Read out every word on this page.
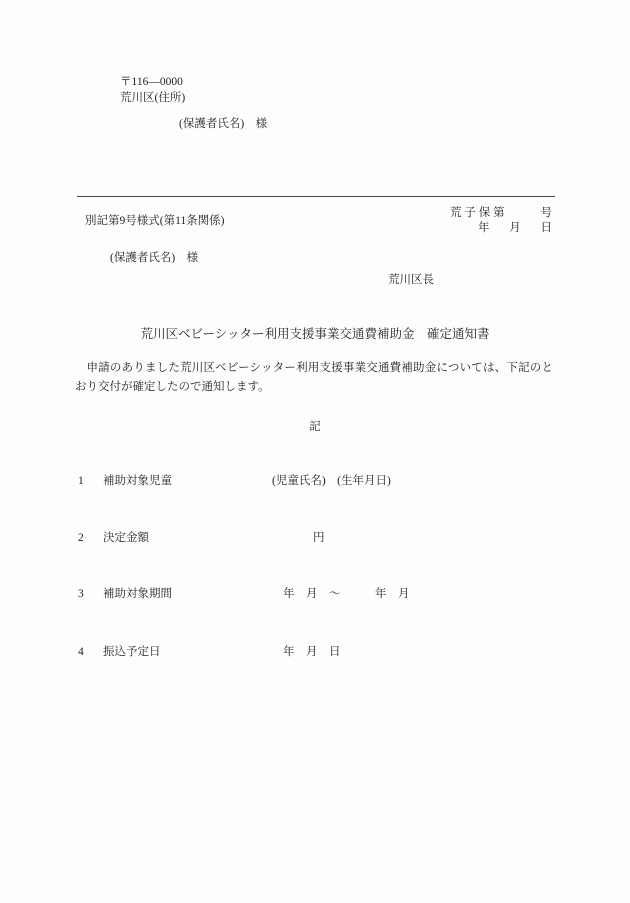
〒116—0000
荒川区(住所)
(保護者氏名)　様
別記第9号様式(第11条関係)
荒 子 保 第	号
年 月 日
(保護者氏名)　様
荒川区長
荒川区ベビーシッター利用支援事業交通費補助金　確定通知書
申請のありました荒川区ベビーシッター利用支援事業交通費補助金については、下記のとおり交付が確定したので通知します。
記
1 補助対象児童	(児童氏名)　(生年月日)
2 決定金額	円
3 補助対象期間	年　月　～　　　年　月
4 振込予定日	年　月　日
